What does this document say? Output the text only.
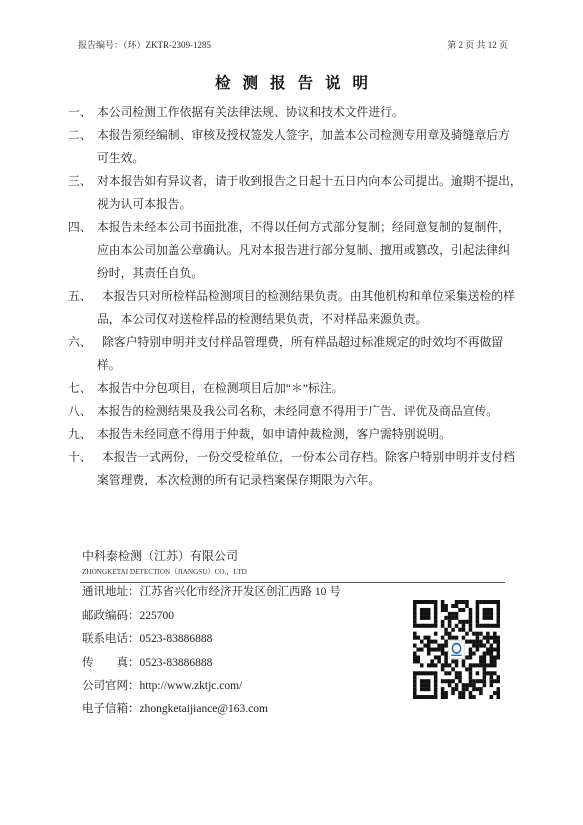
报告编号：（环）ZKTR-2309-1285	第 2 页 共 12 页
检测报告说明
一、 本公司检测工作依据有关法律法规、协议和技术文件进行。
二、 本报告须经编制、审核及授权签发人签字，加盖本公司检测专用章及骑缝章后方
可生效。
三、 对本报告如有异议者，请于收到报告之日起十五日内向本公司提出。逾期不提出，
视为认可本报告。
四、 本报告未经本公司书面批准，不得以任何方式部分复制；经同意复制的复制件，
应由本公司加盖公章确认。凡对本报告进行部分复制、擅用或篡改，引起法律纠
纷时，其责任自负。
五、 本报告只对所检样品检测项目的检测结果负责。由其他机构和单位采集送检的样
品，本公司仅对送检样品的检测结果负责，不对样品来源负责。
六、 除客户特别申明并支付样品管理费，所有样品超过标准规定的时效均不再做留
样。
七、 本报告中分包项目，在检测项目后加“＊”标注。
八、 本报告的检测结果及我公司名称，未经同意不得用于广告、评优及商品宣传。
九、 本报告未经同意不得用于仲裁，如申请仲裁检测，客户需特别说明。
十、 本报告一式两份，一份交受检单位，一份本公司存档。除客户特别申明并支付档
案管理费，本次检测的所有记录档案保存期限为六年。
中科泰检测（江苏）有限公司
ZHONGKETAI DETECTION（JIANGSU）CO.，LTD
通讯地址：江苏省兴化市经济开发区创汇西路 10 号
邮政编码：225700
联系电话：0523-83886888
传　　真：0523-83886888
公司官网：http://www.zktjc.com/
电子信箱：zhongketaijiance@163.com
